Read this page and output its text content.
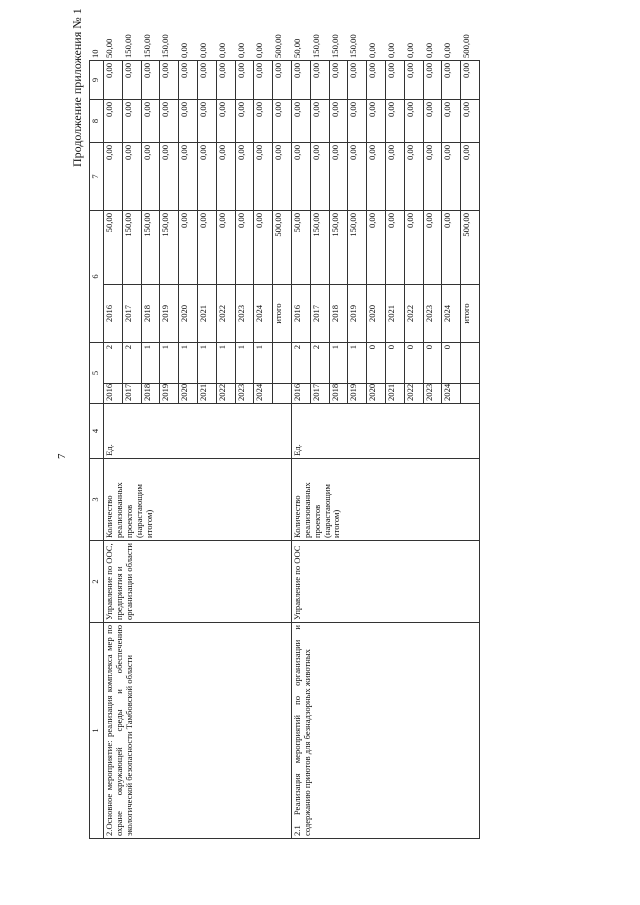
7
Продолжение приложения № 1
1	2	3	4	5		6		7	8	9	10
2.Основное мероприятие: реализация комплекса мер по охране окружающей среды и обеспечению экологической безопасности Тамбовской области	Управление по ООС, предприятия и организации области	Количество реализованных проектов (нарастающим итогом)	Ед.	2016	2	2016	50,00	0,00	0,00	0,00	50,00
				2017	2	2017	150,00	0,00	0,00	0,00	150,00
				2018	1	2018	150,00	0,00	0,00	0,00	150,00
				2019	1	2019	150,00	0,00	0,00	0,00	150,00
				2020	1	2020	0,00	0,00	0,00	0,00	0,00
				2021	1	2021	0,00	0,00	0,00	0,00	0,00
				2022	1	2022	0,00	0,00	0,00	0,00	0,00
				2023	1	2023	0,00	0,00	0,00	0,00	0,00
				2024	1	2024	0,00	0,00	0,00	0,00	0,00
						итого	500,00	0,00	0,00	0,00	500,00
2.1 Реализация мероприятий по организации и содержанию приютов для безнадзорных животных	Управление по ООС	Количество реализованных проектов (нарастающим итогом)	Ед.	2016	2	2016	50,00	0,00	0,00	0,00	50,00
				2017	2	2017	150,00	0,00	0,00	0,00	150,00
				2018	1	2018	150,00	0,00	0,00	0,00	150,00
				2019	1	2019	150,00	0,00	0,00	0,00	150,00
				2020	0	2020	0,00	0,00	0,00	0,00	0,00
				2021	0	2021	0,00	0,00	0,00	0,00	0,00
				2022	0	2022	0,00	0,00	0,00	0,00	0,00
				2023	0	2023	0,00	0,00	0,00	0,00	0,00
				2024	0	2024	0,00	0,00	0,00	0,00	0,00
						итого	500,00	0,00	0,00	0,00	500,00
